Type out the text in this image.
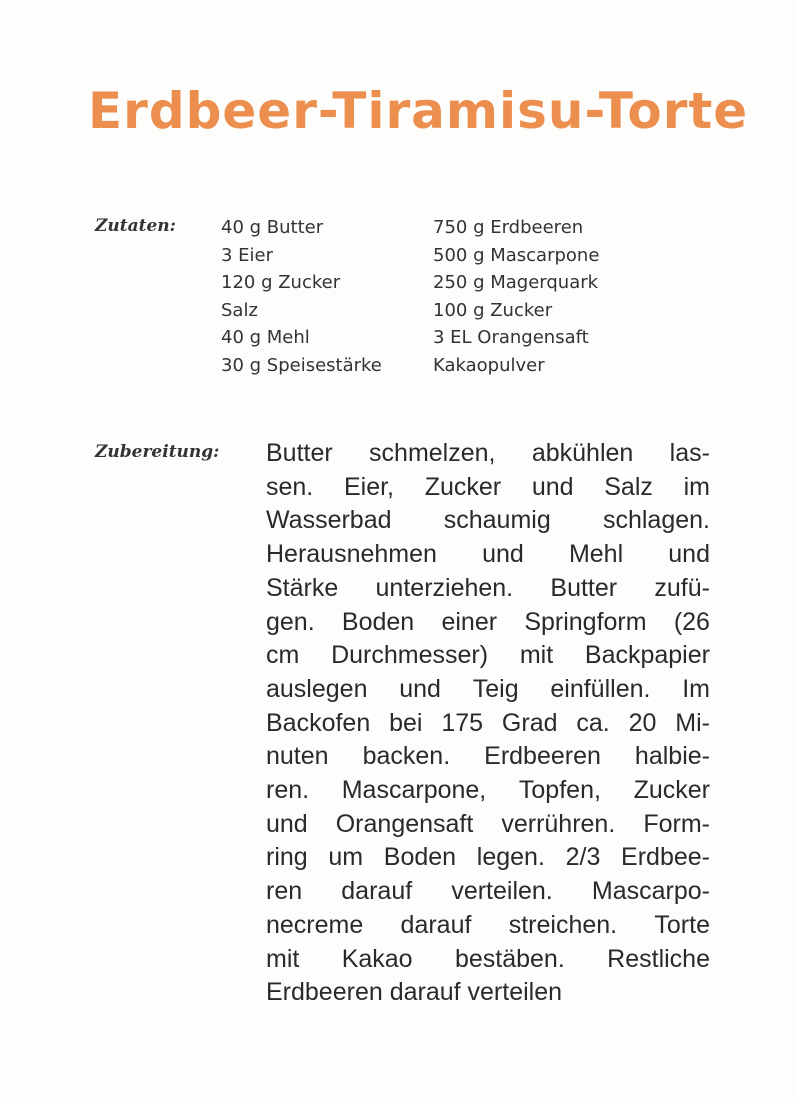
Erdbeer-Tiramisu-Torte
Zutaten:	40 g Butter
3 Eier
120 g Zucker
Salz
40 g Mehl
30 g Speisestärke
750 g Erdbeeren
500 g Mascarpone
250 g Magerquark
100 g Zucker
3 EL Orangensaft
Kakaopulver
Zubereitung: Butter schmelzen, abkühlen las-
sen. Eier, Zucker und Salz im
Wasserbad schaumig schlagen.
Herausnehmen und Mehl und
Stärke unterziehen. Butter zufü-
gen. Boden einer Springform (26
cm Durchmesser) mit Backpapier
auslegen und Teig einfüllen. Im
Backofen bei 175 Grad ca. 20 Mi-
nuten backen. Erdbeeren halbie-
ren. Mascarpone, Topfen, Zucker
und Orangensaft verrühren. Form-
ring um Boden legen. 2/3 Erdbee-
ren darauf verteilen. Mascarpo-
necreme darauf streichen. Torte
mit Kakao bestäben. Restliche
Erdbeeren darauf verteilen
